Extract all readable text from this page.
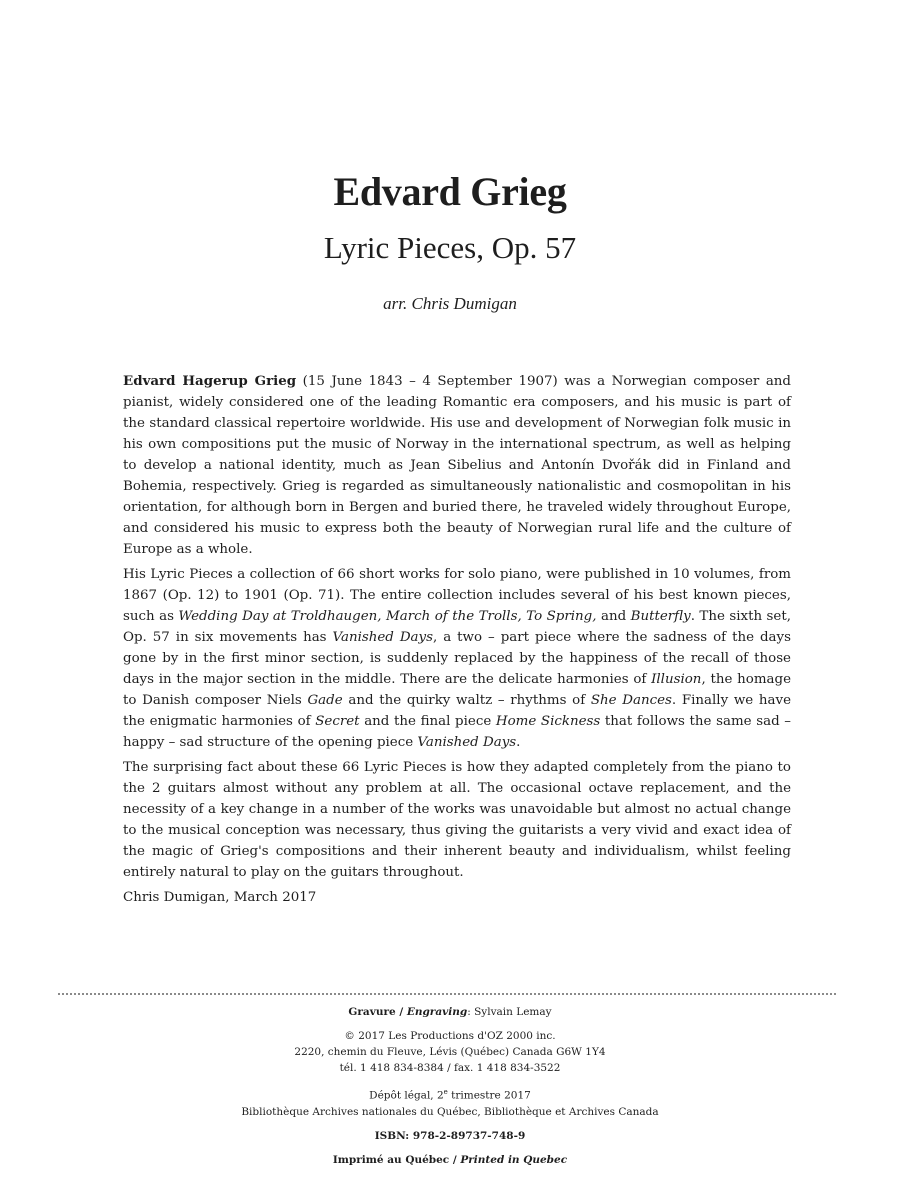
Edvard Grieg
Lyric Pieces, Op. 57
arr. Chris Dumigan

Edvard Hagerup Grieg (15 June 1843 – 4 September 1907) was a Norwegian composer and pianist, widely considered one of the leading Romantic era composers, and his music is part of the standard classical repertoire worldwide. His use and development of Norwegian folk music in his own compositions put the music of Norway in the international spectrum, as well as helping to develop a national identity, much as Jean Sibelius and Antonín Dvořák did in Finland and Bohemia, respectively. Grieg is regarded as simultaneously nationalistic and cosmopolitan in his orientation, for although born in Bergen and buried there, he traveled widely throughout Europe, and considered his music to express both the beauty of Norwegian rural life and the culture of Europe as a whole.

His Lyric Pieces a collection of 66 short works for solo piano, were published in 10 volumes, from 1867 (Op. 12) to 1901 (Op. 71). The entire collection includes several of his best known pieces, such as Wedding Day at Troldhaugen, March of the Trolls, To Spring, and Butterfly. The sixth set, Op. 57 in six movements has Vanished Days, a two – part piece where the sadness of the days gone by in the first minor section, is suddenly replaced by the happiness of the recall of those days in the major section in the middle. There are the delicate harmonies of Illusion, the homage to Danish composer Niels Gade and the quirky waltz – rhythms of She Dances. Finally we have the enigmatic harmonies of Secret and the final piece Home Sickness that follows the same sad – happy – sad structure of the opening piece Vanished Days.

The surprising fact about these 66 Lyric Pieces is how they adapted completely from the piano to the 2 guitars almost without any problem at all. The occasional octave replacement, and the necessity of a key change in a number of the works was unavoidable but almost no actual change to the musical conception was necessary, thus giving the guitarists a very vivid and exact idea of the magic of Grieg's compositions and their inherent beauty and individualism, whilst feeling entirely natural to play on the guitars throughout.

Chris Dumigan, March 2017

Gravure / Engraving: Sylvain Lemay
© 2017 Les Productions d'OZ 2000 inc.
2220, chemin du Fleuve, Lévis (Québec) Canada G6W 1Y4
tél. 1 418 834-8384 / fax. 1 418 834-3522
Dépôt légal, 2e trimestre 2017
Bibliothèque Archives nationales du Québec, Bibliothèque et Archives Canada
ISBN: 978-2-89737-748-9
Imprimé au Québec / Printed in Quebec
